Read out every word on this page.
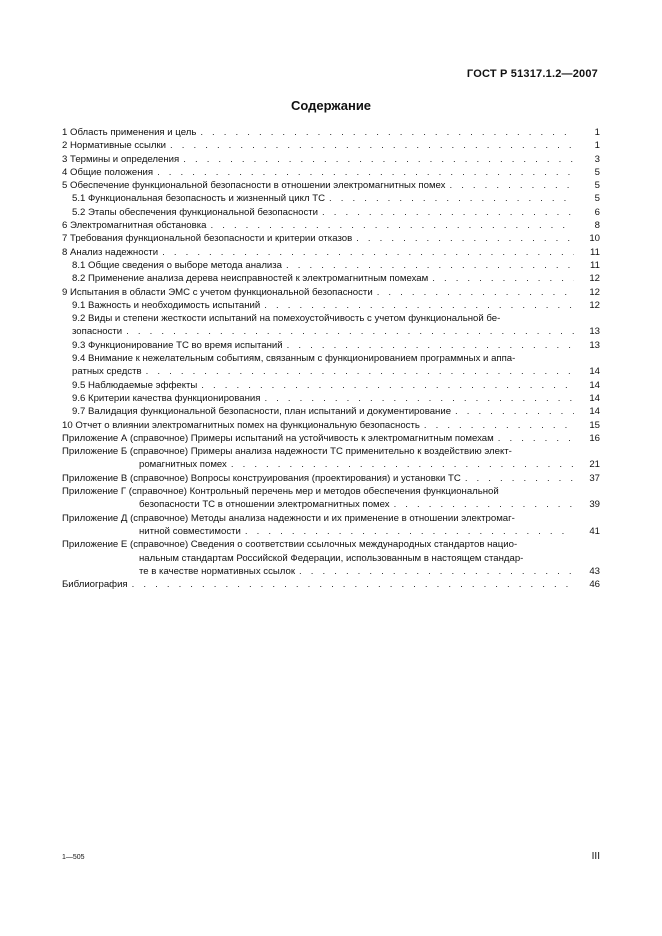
ГОСТ Р 51317.1.2—2007
Содержание
1 Область применения и цель . . .	1
2 Нормативные ссылки . . .	1
3 Термины и определения . . .	3
4 Общие положения . . .	5
5 Обеспечение функциональной безопасности в отношении электромагнитных помех . . .	5
5.1 Функциональная безопасность и жизненный цикл ТС . . .	5
5.2 Этапы обеспечения функциональной безопасности . . .	6
6 Электромагнитная обстановка . . .	8
7 Требования функциональной безопасности и критерии отказов . . .	10
8 Анализ надежности . . .	11
8.1 Общие сведения о выборе метода анализа . . .	11
8.2 Применение анализа дерева неисправностей к электромагнитным помехам . . .	12
9 Испытания в области ЭМС с учетом функциональной безопасности . . .	12
9.1 Важность и необходимость испытаний . . .	12
9.2 Виды и степени жесткости испытаний на помехоустойчивость с учетом функциональной бе-
зопасности . . .	13
9.3 Функционирование ТС во время испытаний . . .	13
9.4 Внимание к нежелательным событиям, связанным с функционированием программных и аппа-
ратных средств . . .	14
9.5 Наблюдаемые эффекты . . .	14
9.6 Критерии качества функционирования . . .	14
9.7 Валидация функциональной безопасности, план испытаний и документирование . . .	14
10 Отчет о влиянии электромагнитных помех на функциональную безопасность . . .	15
Приложение А (справочное) Примеры испытаний на устойчивость к электромагнитным помехам . . .	16
Приложение Б (справочное) Примеры анализа надежности ТС применительно к воздействию элект-
ромагнитных помех . . .	21
Приложение В (справочное) Вопросы конструирования (проектирования) и установки ТС . . .	37
Приложение Г (справочное) Контрольный перечень мер и методов обеспечения функциональной
безопасности ТС в отношении электромагнитных помех . . .	39
Приложение Д (справочное) Методы анализа надежности и их применение в отношении электромаг-
нитной совместимости . . .	41
Приложение Е (справочное) Сведения о соответствии ссылочных международных стандартов нацио-
нальным стандартам Российской Федерации, использованным в настоящем стандар-
те в качестве нормативных ссылок . . .	43
Библиография . . .	46
1—505	III
